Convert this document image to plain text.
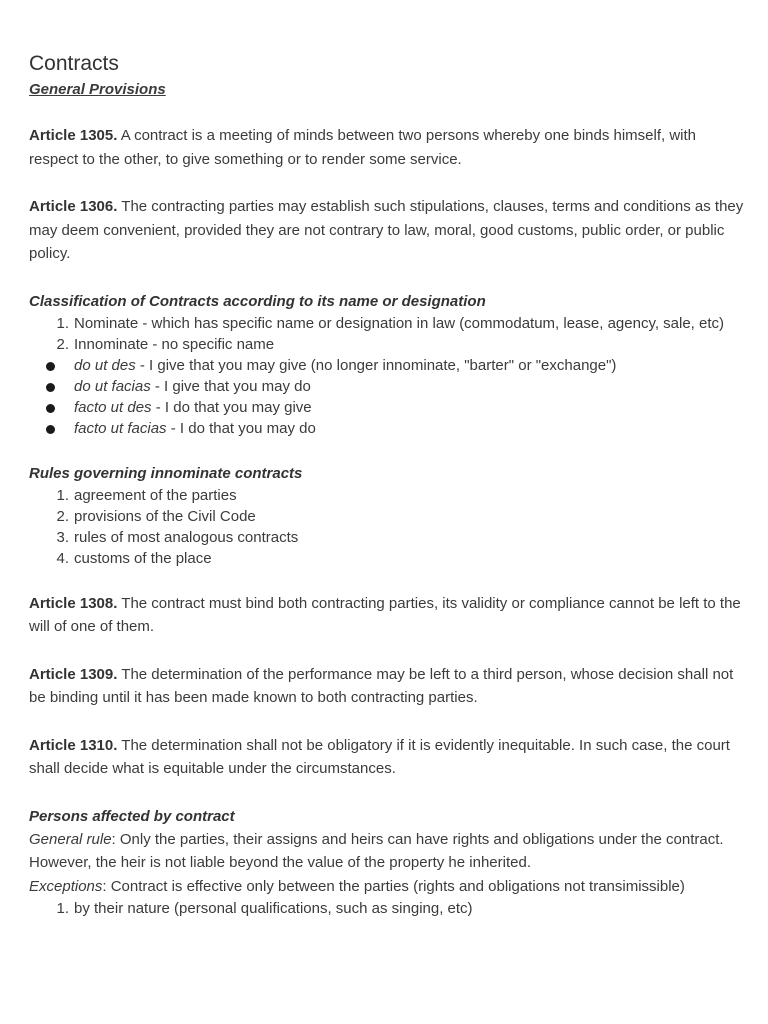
Contracts
General Provisions

Article 1305. A contract is a meeting of minds between two persons whereby one binds himself, with respect to the other, to give something or to render some service.

Article 1306. The contracting parties may establish such stipulations, clauses, terms and conditions as they may deem convenient, provided they are not contrary to law, moral, good customs, public order, or public policy.

Classification of Contracts according to its name or designation
1. Nominate - which has specific name or designation in law (commodatum, lease, agency, sale, etc)
2. Innominate - no specific name
do ut des - I give that you may give (no longer innominate, "barter" or "exchange")
do ut facias - I give that you may do
facto ut des - I do that you may give
facto ut facias - I do that you may do
Rules governing innominate contracts
1. agreement of the parties
2. provisions of the Civil Code
3. rules of most analogous contracts
4. customs of the place

Article 1308. The contract must bind both contracting parties, its validity or compliance cannot be left to the will of one of them.

Article 1309. The determination of the performance may be left to a third person, whose decision shall not be binding until it has been made known to both contracting parties.

Article 1310. The determination shall not be obligatory if it is evidently inequitable. In such case, the court shall decide what is equitable under the circumstances.

Persons affected by contract

General rule: Only the parties, their assigns and heirs can have rights and obligations under the contract. However, the heir is not liable beyond the value of the property he inherited.

Exceptions: Contract is effective only between the parties (rights and obligations not transimissible)

1. by their nature (personal qualifications, such as singing, etc)
